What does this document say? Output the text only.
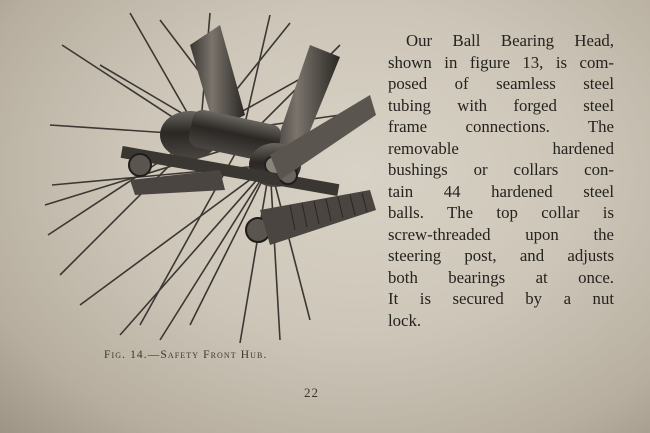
Fig. 14.—Safety Front Hub.
Our Ball Bearing Head,
shown in figure 13, is com-
posed of seamless steel
tubing with forged steel
frame connections. The
removable hardened
bushings or collars con-
tain 44 hardened steel
balls. The top collar is
screw-threaded upon the
steering post, and adjusts
both bearings at once.
It is secured by a nut
lock.
22
